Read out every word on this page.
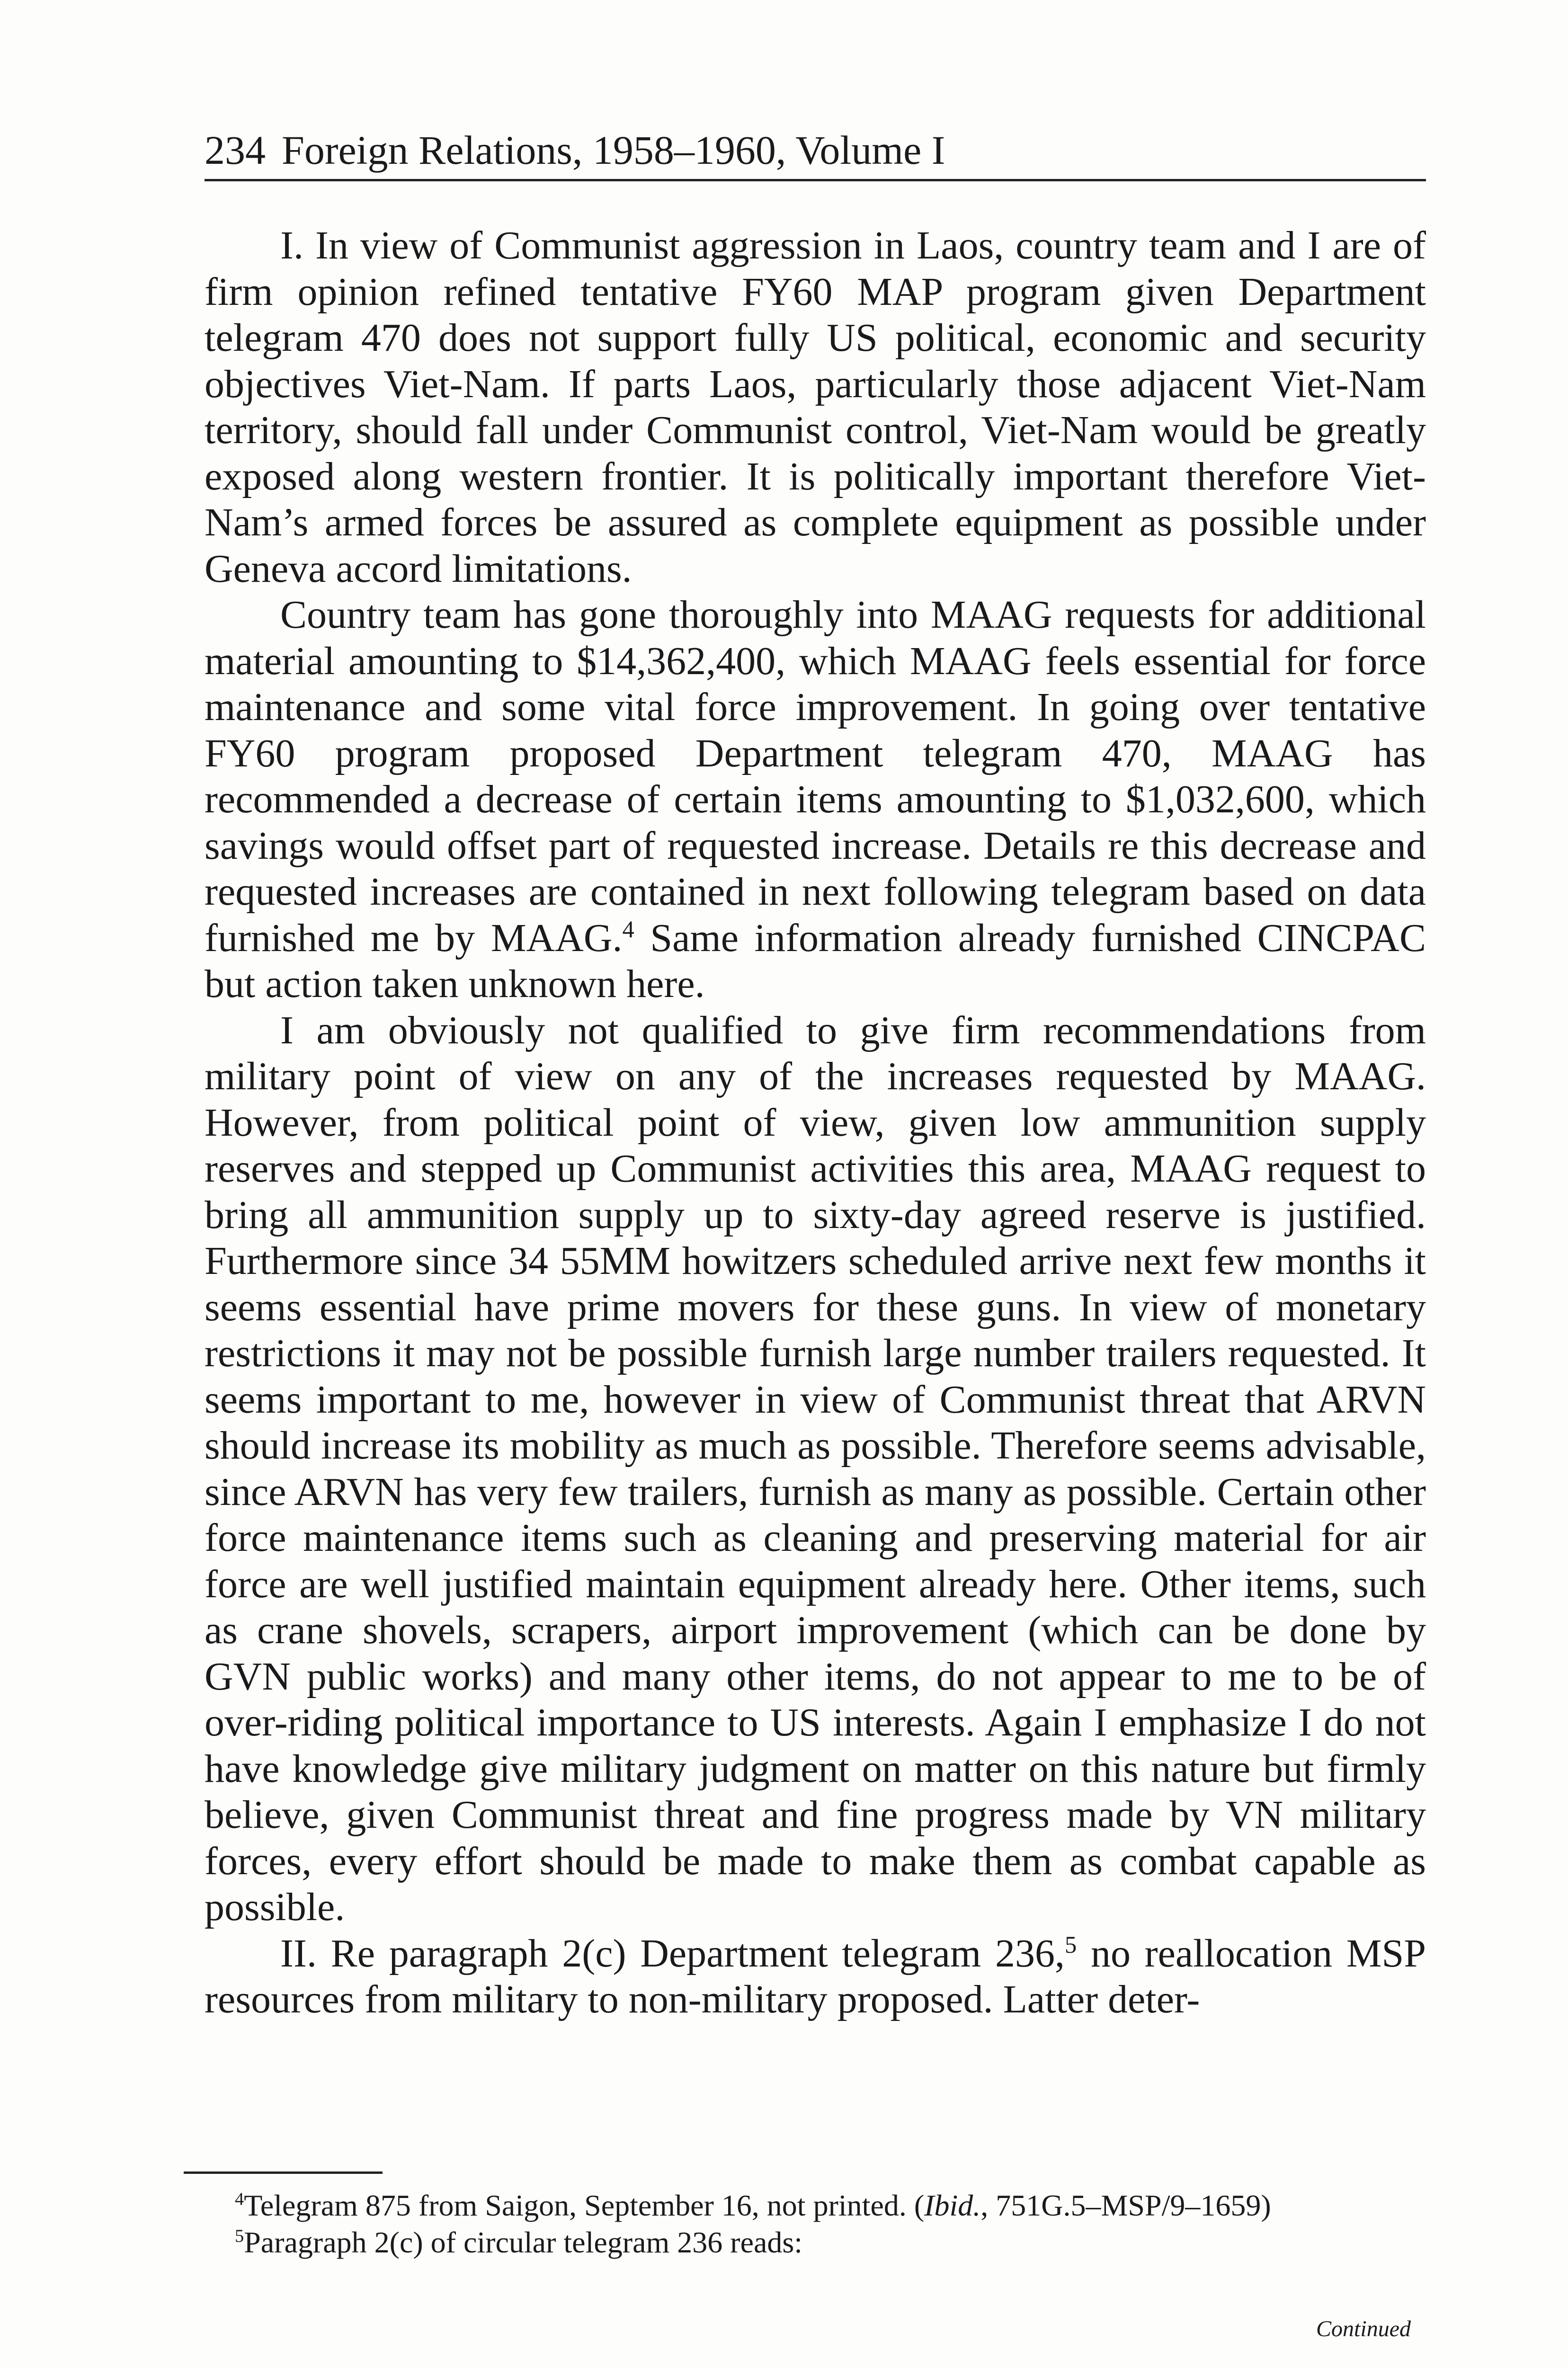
234 Foreign Relations, 1958–1960, Volume I

I. In view of Communist aggression in Laos, country team and I are of firm opinion refined tentative FY60 MAP program given Department telegram 470 does not support fully US political, economic and security objectives Viet-Nam. If parts Laos, particularly those adjacent Viet-Nam territory, should fall under Communist control, Viet-Nam would be greatly exposed along western frontier. It is politically important therefore Viet-Nam’s armed forces be assured as complete equipment as possible under Geneva accord limitations.

Country team has gone thoroughly into MAAG requests for additional material amounting to $14,362,400, which MAAG feels essential for force maintenance and some vital force improvement. In going over tentative FY60 program proposed Department telegram 470, MAAG has recommended a decrease of certain items amounting to $1,032,600, which savings would offset part of requested increase. Details re this decrease and requested increases are contained in next following telegram based on data furnished me by MAAG.$^4$ Same information already furnished CINCPAC but action taken unknown here.

I am obviously not qualified to give firm recommendations from military point of view on any of the increases requested by MAAG. However, from political point of view, given low ammunition supply reserves and stepped up Communist activities this area, MAAG request to bring all ammunition supply up to sixty-day agreed reserve is justified. Furthermore since 34 55MM howitzers scheduled arrive next few months it seems essential have prime movers for these guns. In view of monetary restrictions it may not be possible furnish large number trailers requested. It seems important to me, however in view of Communist threat that ARVN should increase its mobility as much as possible. Therefore seems advisable, since ARVN has very few trailers, furnish as many as possible. Certain other force maintenance items such as cleaning and preserving material for air force are well justified maintain equipment already here. Other items, such as crane shovels, scrapers, airport improvement (which can be done by GVN public works) and many other items, do not appear to me to be of over-riding political importance to US interests. Again I emphasize I do not have knowledge give military judgment on matter on this nature but firmly believe, given Communist threat and fine progress made by VN military forces, every effort should be made to make them as combat capable as possible.

II. Re paragraph 2(c) Department telegram 236,$^5$ no reallocation MSP resources from military to non-military proposed. Latter deter-

$^4$Telegram 875 from Saigon, September 16, not printed. (Ibid., 751G.5–MSP/9–1659)

$^5$Paragraph 2(c) of circular telegram 236 reads:

Continued
